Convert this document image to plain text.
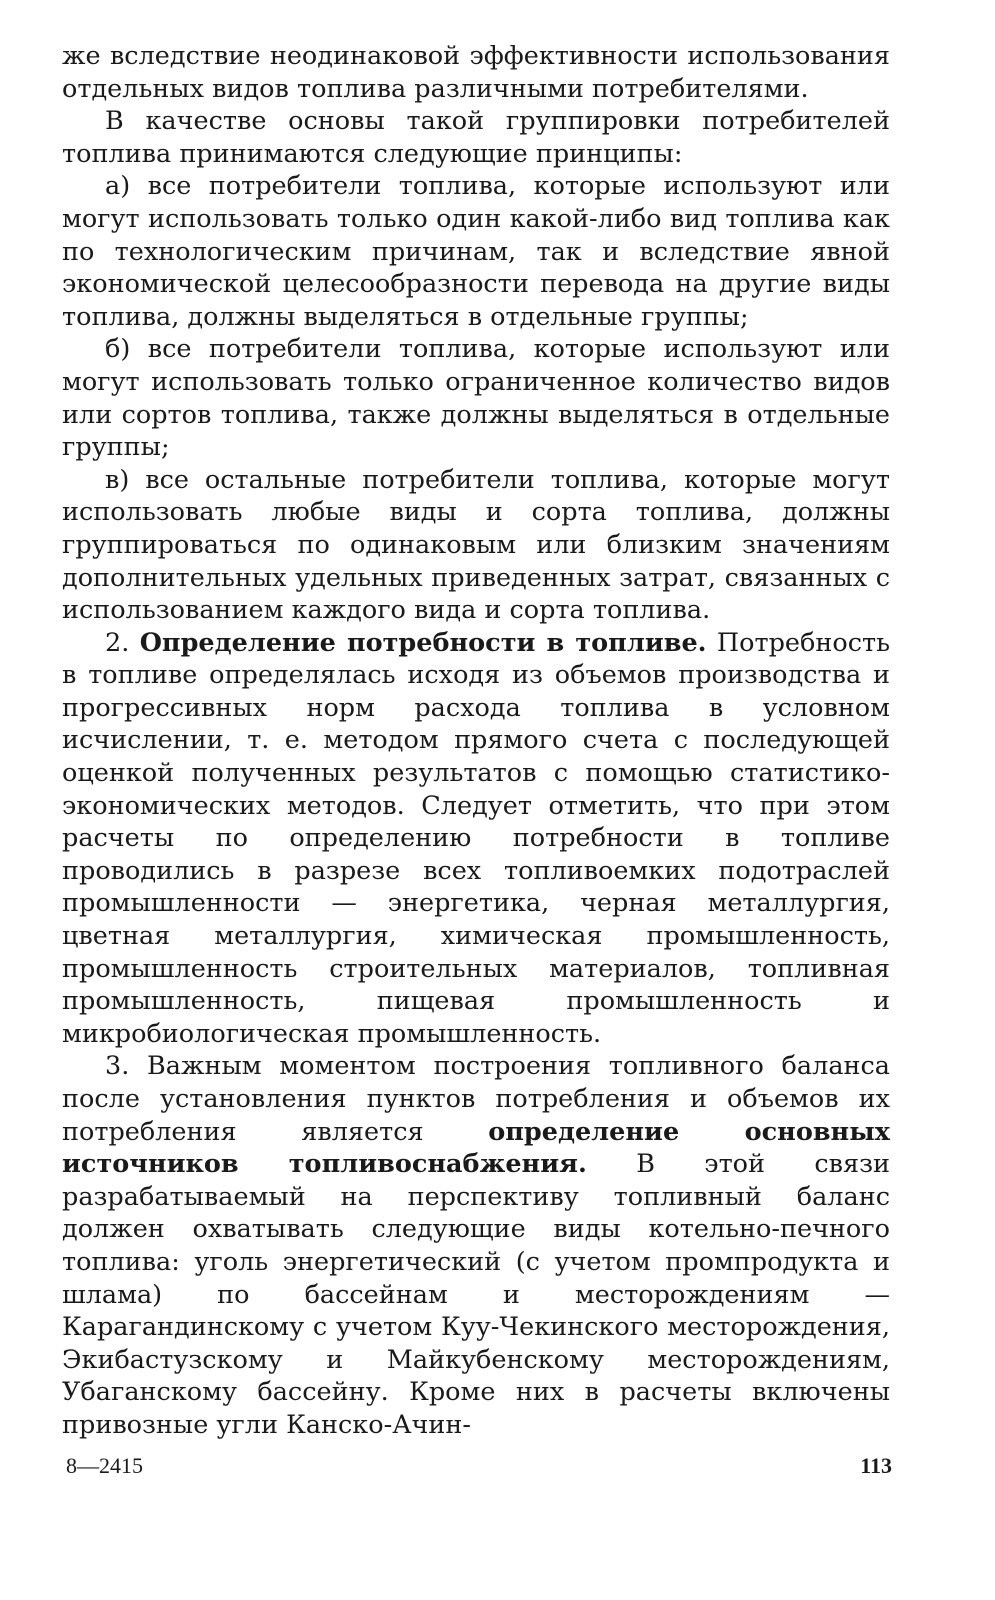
же вследствие неодинаковой эффективности использования отдельных видов топлива различными потребителями.

В качестве основы такой группировки потребителей топлива принимаются следующие принципы:

а) все потребители топлива, которые используют или могут использовать только один какой-либо вид топлива как по технологическим причинам, так и вследствие явной экономической целесообразности перевода на другие виды топлива, должны выделяться в отдельные группы;

б) все потребители топлива, которые используют или могут использовать только ограниченное количество видов или сортов топлива, также должны выделяться в отдельные группы;

в) все остальные потребители топлива, которые могут использовать любые виды и сорта топлива, должны группироваться по одинаковым или близким значениям дополнительных удельных приведенных затрат, связанных с использованием каждого вида и сорта топлива.

2. Определение потребности в топливе. Потребность в топливе определялась исходя из объемов производства и прогрессивных норм расхода топлива в условном исчислении, т. е. методом прямого счета с последующей оценкой полученных результатов с помощью статистико-экономических методов. Следует отметить, что при этом расчеты по определению потребности в топливе проводились в разрезе всех топливоемких подотраслей промышленности — энергетика, черная металлургия, цветная металлургия, химическая промышленность, промышленность строительных материалов, топливная промышленность, пищевая промышленность и микробиологическая промышленность.

3. Важным моментом построения топливного баланса после установления пунктов потребления и объемов их потребления является определение основных источников топливоснабжения. В этой связи разрабатываемый на перспективу топливный баланс должен охватывать следующие виды котельно-печного топлива: уголь энергетический (с учетом промпродукта и шлама) по бассейнам и месторождениям — Карагандинскому с учетом Куу-Чекинского месторождения, Экибастузскому и Майкубенскому месторождениям, Убаганскому бассейну. Кроме них в расчеты включены привозные угли Канско-Ачин-

8—2415	113
